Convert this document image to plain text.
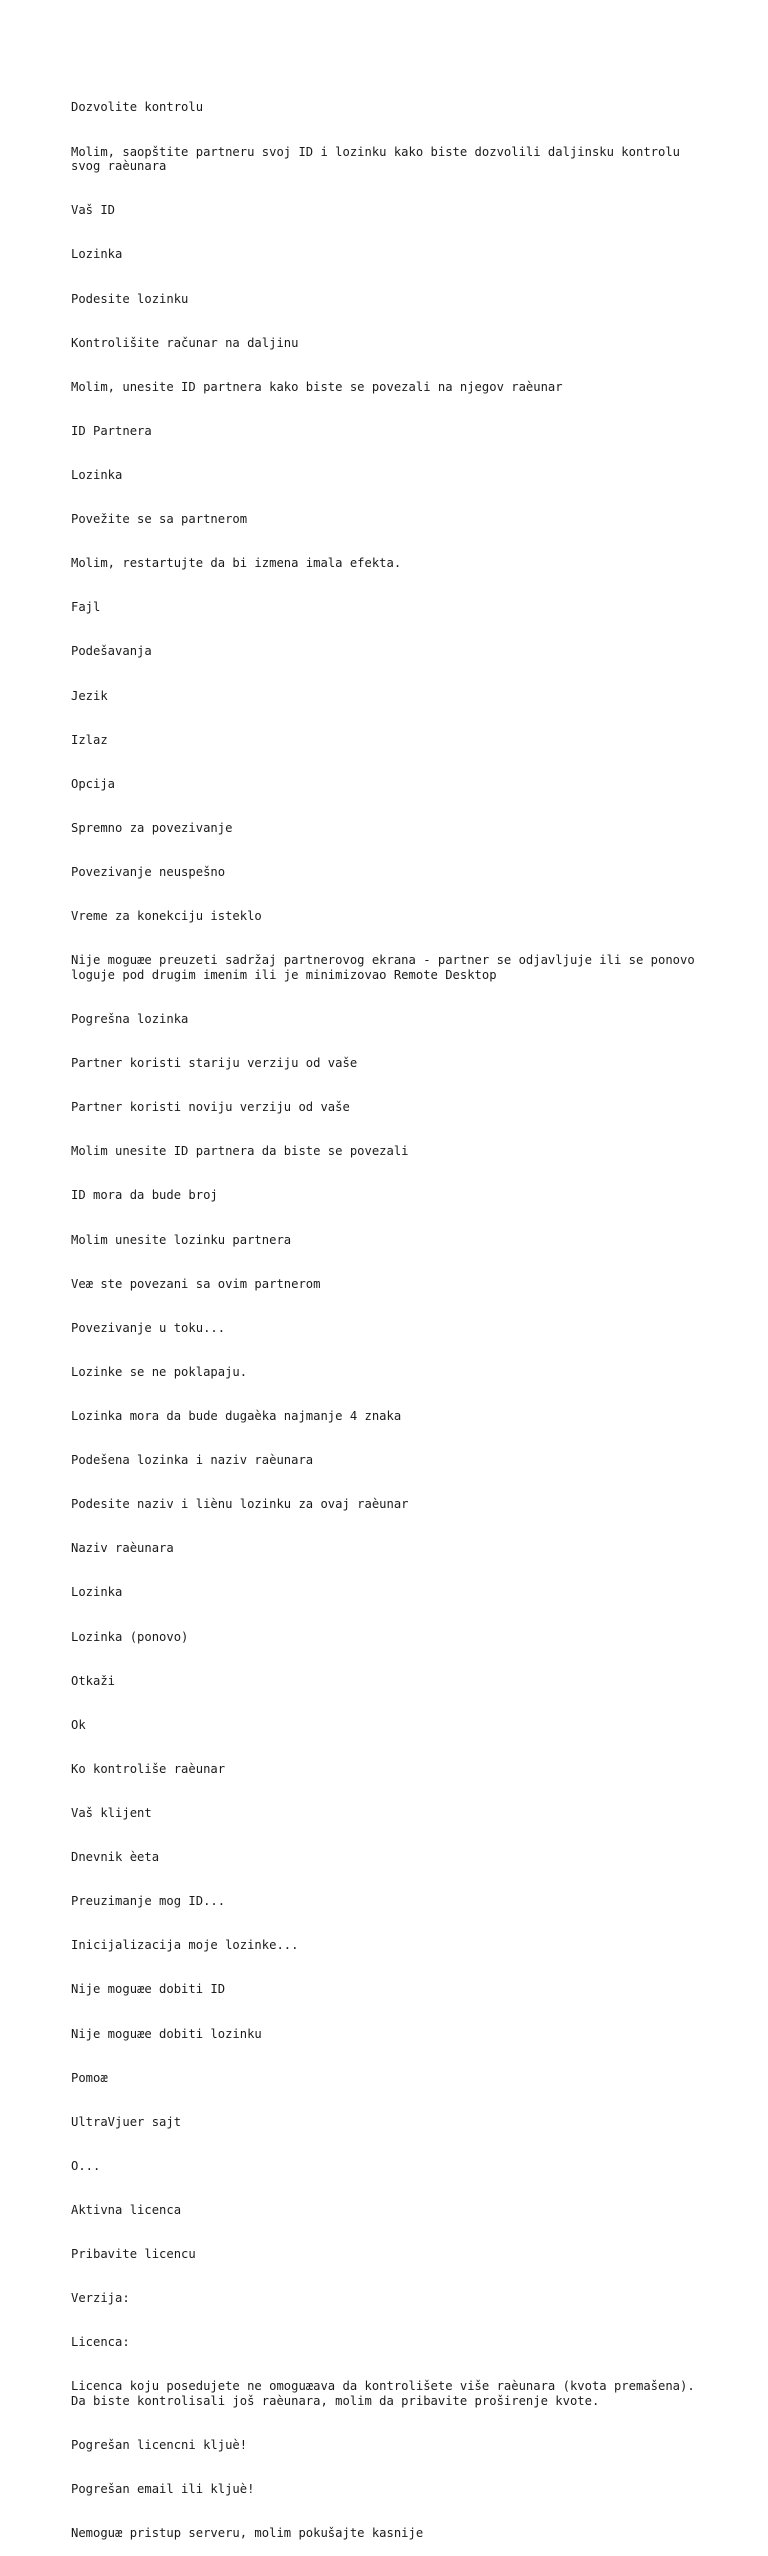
Dozvolite kontrolu

Molim, saopštite partneru svoj ID i lozinku kako biste dozvolili daljinsku kontrolu svog raèunara

Vaš ID

Lozinka

Podesite lozinku

Kontrolišite računar na daljinu

Molim, unesite ID partnera kako biste se povezali na njegov raèunar

ID Partnera

Lozinka

Povežite se sa partnerom

Molim, restartujte da bi izmena imala efekta.

Fajl

Podešavanja

Jezik

Izlaz

Opcija

Spremno za povezivanje

Povezivanje neuspešno

Vreme za konekciju isteklo

Nije moguæe preuzeti sadržaj partnerovog ekrana - partner se odjavljuje ili se ponovo loguje pod drugim imenim ili je minimizovao Remote Desktop

Pogrešna lozinka

Partner koristi stariju verziju od vaše

Partner koristi noviju verziju od vaše

Molim unesite ID partnera da biste se povezali

ID mora da bude broj

Molim unesite lozinku partnera

Veæ ste povezani sa ovim partnerom

Povezivanje u toku...

Lozinke se ne poklapaju.

Lozinka mora da bude dugaèka najmanje 4 znaka

Podešena lozinka i naziv raèunara

Podesite naziv i liènu lozinku za ovaj raèunar

Naziv raèunara

Lozinka

Lozinka (ponovo)

Otkaži

Ok

Ko kontroliše raèunar

Vaš klijent

Dnevnik èeta

Preuzimanje mog ID...

Inicijalizacija moje lozinke...

Nije moguæe dobiti ID

Nije moguæe dobiti lozinku

Pomoæ

UltraVjuer sajt

O...

Aktivna licenca

Pribavite licencu

Verzija:

Licenca:

Licenca koju posedujete ne omoguæava da kontrolišete više raèunara (kvota premašena). Da biste kontrolisali još raèunara, molim da pribavite proširenje kvote.

Pogrešan licencni kljuè!

Pogrešan email ili kljuè!

Nemoguæ pristup serveru, molim pokušajte kasnije
